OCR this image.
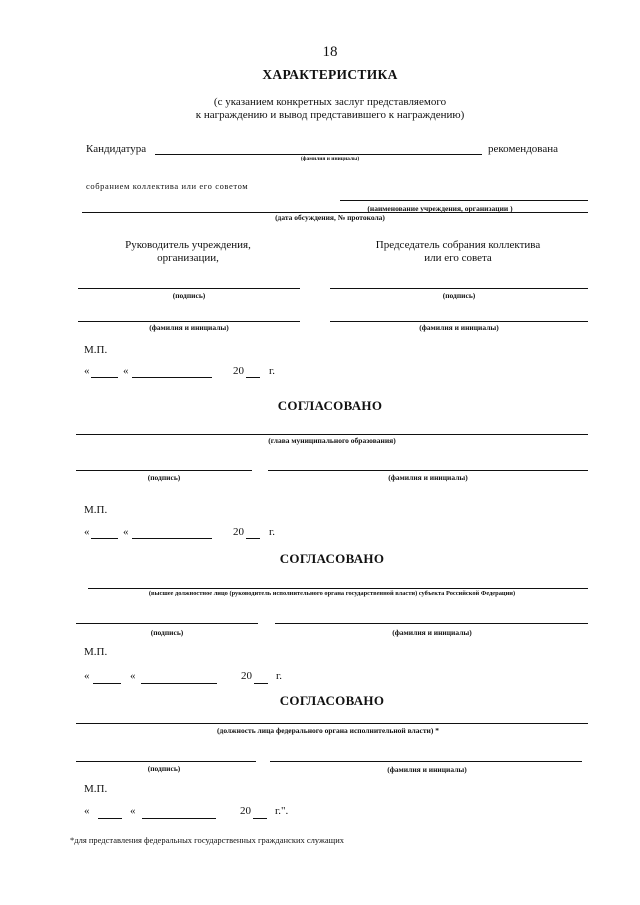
18
ХАРАКТЕРИСТИКА
(с указанием конкретных заслуг представляемого
к награждению и вывод представившего к награждению)
Кандидатура	рекомендована
(фамилия и инициалы)
собранием коллектива или его советом
(наименование учреждения, организации )
(дата обсуждения, № протокола)
Руководитель учреждения,
организации,
Председатель собрания коллектива
или его совета
(подпись)	(подпись)
(фамилия и инициалы)	(фамилия и инициалы)
М.П.
«	«	20 г.
СОГЛАСОВАНО
(глава муниципального образования)
(подпись)	(фамилия и инициалы)
М.П.
«	«	20 г.
СОГЛАСОВАНО
(высшее должностное лицо (руководитель исполнительного органа государственной власти) субъекта Российской Федерации)
(подпись)	(фамилия и инициалы)
М.П.
«	«	20 г.
СОГЛАСОВАНО
(должность лица федерального органа исполнительной власти) *
(подпись)	(фамилия и инициалы)
М.П.
«	«	20 г.".
*для представления федеральных государственных гражданских служащих
